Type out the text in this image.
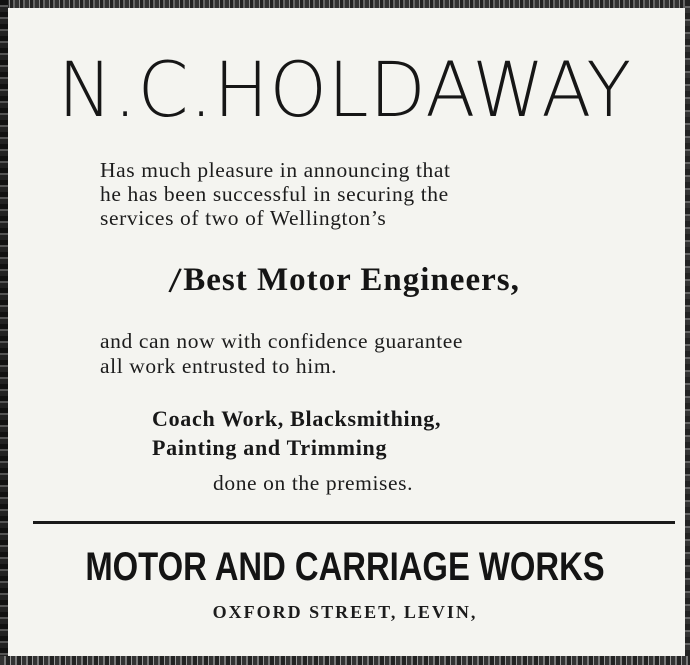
N.C.HOLDAWAY
Has much pleasure in announcing that
he has been successful in securing the
services of two of Wellington’s
/Best Motor Engineers,
and can now with confidence guarantee
all work entrusted to him.
Coach Work, Blacksmithing,
Painting and Trimming
done on the premises.
MOTOR AND CARRIAGE WORKS
OXFORD STREET, LEVIN,
